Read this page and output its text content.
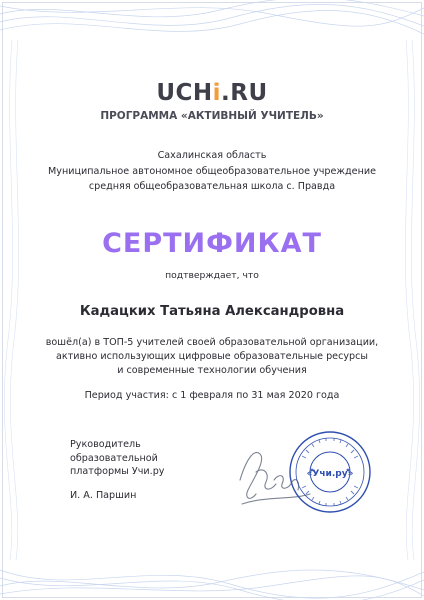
UCHi.RU
ПРОГРАММА «АКТИВНЫЙ УЧИТЕЛЬ»
Сахалинская область
Муниципальное автономное общеобразовательное учреждение
средняя общеобразовательная школа с. Правда
СЕРТИФИКАТ
подтверждает, что
Кадацких Татьяна Александровна
вошёл(а) в ТОП-5 учителей своей образовательной организации,
активно использующих цифровые образовательные ресурсы
и современные технологии обучения
Период участия: с 1 февраля по 31 мая 2020 года
Руководитель
образовательной
платформы Учи.ру
И. А. Паршин
«Учи.ру»
